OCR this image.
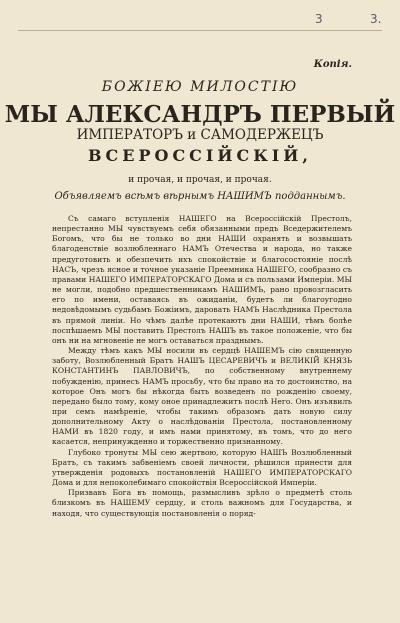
3	3.
Копія.
БОЖІЕЮ МИЛОСТІЮ
МЫ АЛЕКСАНДРЪ ПЕРВЫЙ
ИМПЕРАТОРЪ и САМОДЕРЖЕЦЪ
ВСЕРОССІЙСКІЙ,
и прочая, и прочая, и прочая.
Объявляемъ всѣмъ вѣрнымъ НАШИМЪ подданнымъ.

Съ самаго вступленія НАШЕГО на Всероссійскій Престолъ, непрестанно МЫ чувствуемъ себя обязанными предъ Вседержителемъ Богомъ, что бы не только во дни НАШИ охранять и возвышать благоденствіе возлюбленнаго НАМЪ Отечества и народа, но также предуготовить и обезпечить ихъ спокойствіе и благосостояніе послѣ НАСЪ, чрезъ ясное и точное указаніе Преемника НАШЕГО, сообразно съ правами НАШЕГО ИМПЕРАТОРСКАГО Дома и съ пользами Имперіи. МЫ не могли, подобно предшественникамъ НАШИМЪ, рано провозгласить его по имени, оставаясь въ ожиданіи, будетъ ли благоугодно недовѣдомымъ судьбамъ Божіимъ, даровать НАМЪ Наслѣдника Престола въ прямой линіи. Но чѣмъ далѣе протекаютъ дни НАШИ, тѣмъ болѣе поспѣшаемъ МЫ поставить Престолъ НАШЪ въ такое положеніе, что бы онъ ни на мгновеніе не могъ оставаться празднымъ.

Между тѣмъ какъ МЫ носили въ сердцѣ НАШЕМЪ сію священную заботу, Возлюбленный Братъ НАШЪ ЦЕСАРЕВИЧЪ и ВЕЛИКІЙ КНЯЗЬ КОНСТАНТИНЪ ПАВЛОВИЧЪ, по собственному внутреннему побужденію, принесъ НАМЪ просьбу, что бы право на то достоинство, на которое Онъ могъ бы нѣкогда быть возведенъ по рожденію своему, передано было тому, кому оное принадлежитъ послѣ Него. Онъ изъявилъ при семъ намѣреніе, чтобы такимъ образомъ дать новую силу дополнительному Акту о наслѣдованіи Престола, постановленному НАМИ въ 1820 году, и имъ нами принятому, въ томъ, что до него касается, непринужденно и торжественно признанному.

Глубоко тронуты МЫ сею жертвою, которую НАШЪ Возлюбленный Братъ, съ такимъ забвеніемъ своей личности, рѣшился принести для утвержденія родовыхъ постановленій НАШЕГО ИМПЕРАТОРСКАГО Дома и для непоколебимаго спокойствія Всероссійской Имперіи.

Призвавъ Бога въ помощь, размысливъ зрѣло о предметѣ столь близкомъ въ НАШЕМУ сердцу, и столь важномъ для Государства, и находя, что существующія постановленія о поряд-
